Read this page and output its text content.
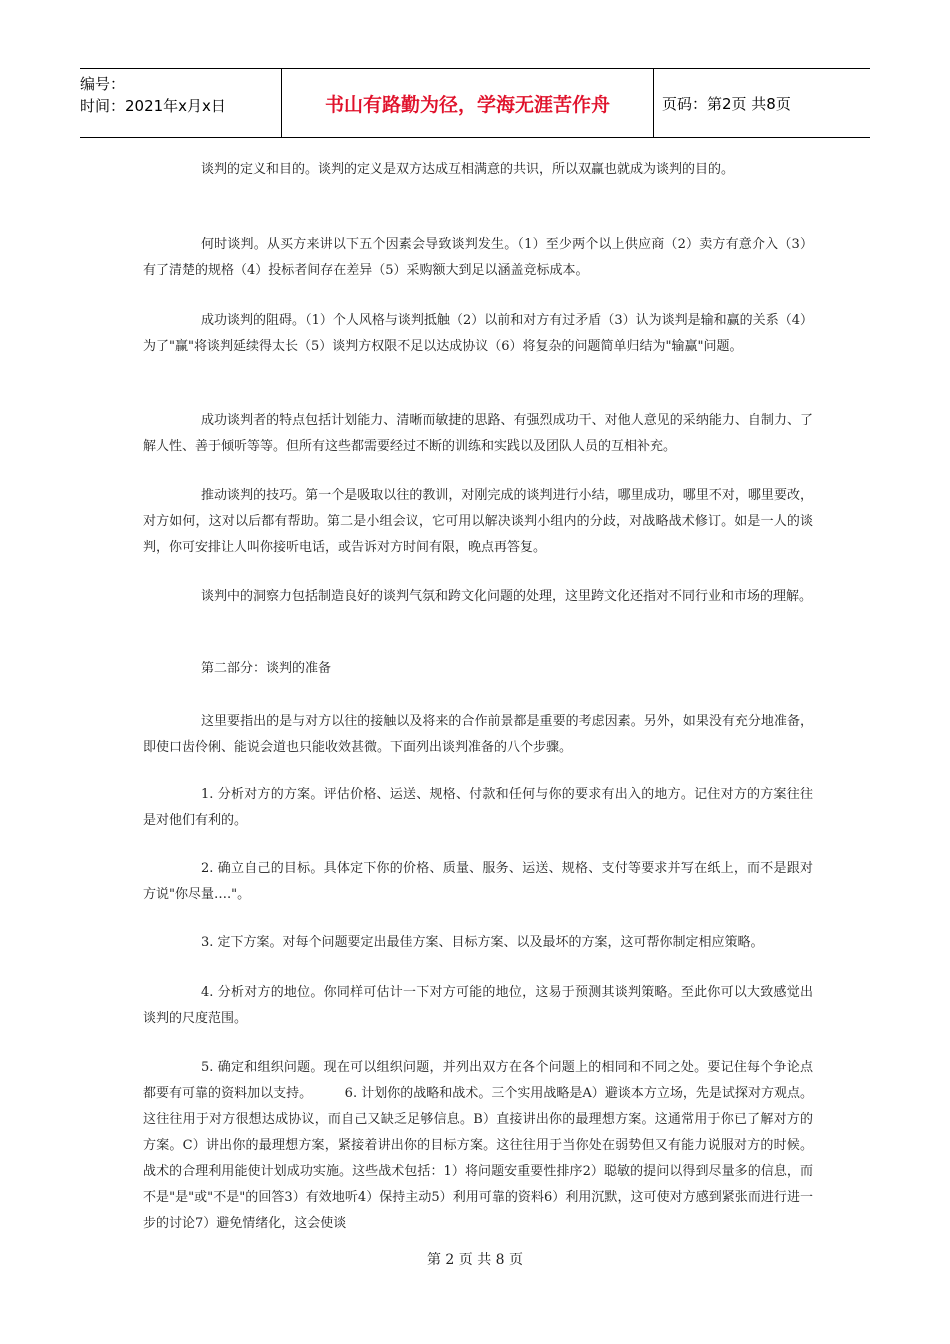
编号：
时间：2021年x月x日	书山有路勤为径，学海无涯苦作舟	页码：第2页 共8页

谈判的定义和目的。谈判的定义是双方达成互相满意的共识，所以双赢也就成为谈判的目的。

何时谈判。从买方来讲以下五个因素会导致谈判发生。（1）至少两个以上供应商（2）卖方有意介入（3）有了清楚的规格（4）投标者间存在差异（5）采购额大到足以涵盖竞标成本。

成功谈判的阻碍。（1）个人风格与谈判抵触（2）以前和对方有过矛盾（3）认为谈判是输和赢的关系（4）为了"赢"将谈判延续得太长（5）谈判方权限不足以达成协议（6）将复杂的问题简单归结为"输赢"问题。

成功谈判者的特点包括计划能力、清晰而敏捷的思路、有强烈成功干、对他人意见的采纳能力、自制力、了解人性、善于倾听等等。但所有这些都需要经过不断的训练和实践以及团队人员的互相补充。

推动谈判的技巧。第一个是吸取以往的教训，对刚完成的谈判进行小结，哪里成功，哪里不对，哪里要改，对方如何，这对以后都有帮助。第二是小组会议，它可用以解决谈判小组内的分歧，对战略战术修订。如是一人的谈判，你可安排让人叫你接听电话，或告诉对方时间有限，晚点再答复。

谈判中的洞察力包括制造良好的谈判气氛和跨文化问题的处理，这里跨文化还指对不同行业和市场的理解。

第二部分：谈判的准备

这里要指出的是与对方以往的接触以及将来的合作前景都是重要的考虑因素。另外，如果没有充分地准备，即使口齿伶俐、能说会道也只能收效甚微。下面列出谈判准备的八个步骤。

1. 分析对方的方案。评估价格、运送、规格、付款和任何与你的要求有出入的地方。记住对方的方案往往是对他们有利的。

2. 确立自己的目标。具体定下你的价格、质量、服务、运送、规格、支付等要求并写在纸上，而不是跟对方说"你尽量…."。

3. 定下方案。对每个问题要定出最佳方案、目标方案、以及最坏的方案，这可帮你制定相应策略。

4. 分析对方的地位。你同样可估计一下对方可能的地位，这易于预测其谈判策略。至此你可以大致感觉出谈判的尺度范围。

5. 确定和组织问题。现在可以组织问题，并列出双方在各个问题上的相同和不同之处。要记住每个争论点都要有可靠的资料加以支持。　　　6. 计划你的战略和战术。三个实用战略是A）避谈本方立场，先是试探对方观点。这往往用于对方很想达成协议，而自己又缺乏足够信息。B）直接讲出你的最理想方案。这通常用于你已了解对方的方案。C）讲出你的最理想方案，紧接着讲出你的目标方案。这往往用于当你处在弱势但又有能力说服对方的时候。战术的合理利用能使计划成功实施。这些战术包括：1）将问题安重要性排序2）聪敏的提问以得到尽量多的信息，而不是"是"或"不是"的回答3）有效地听4）保持主动5）利用可靠的资料6）利用沉默，这可使对方感到紧张而进行进一步的讨论7）避免情绪化，这会使谈

第 2 页 共 8 页
